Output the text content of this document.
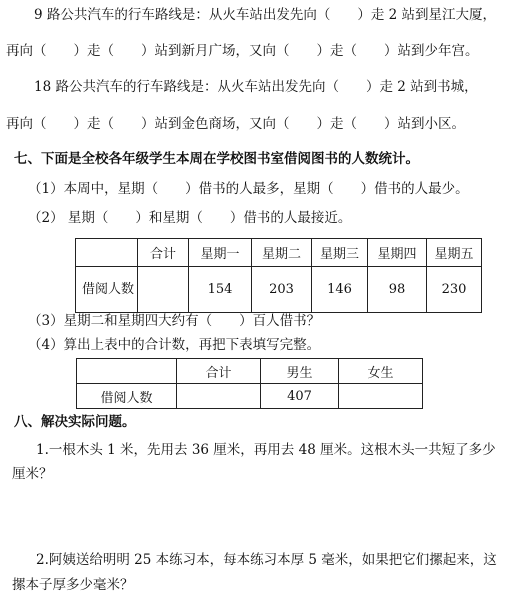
9 路公共汽车的行车路线是：从火车站出发先向（　　）走 2 站到星江大厦，
再向（　　）走（　　）站到新月广场，又向（　　）走（　　）站到少年宫。
18 路公共汽车的行车路线是：从火车站出发先向（　　）走 2 站到书城，
再向（　　）走（　　）站到金色商场，又向（　　）走（　　）站到小区。
七、下面是全校各年级学生本周在学校图书室借阅图书的人数统计。
（1）本周中，星期（　　）借书的人最多，星期（　　）借书的人最少。
（2） 星期（　　）和星期（　　）借书的人最接近。
	合计	星期一	星期二	星期三	星期四	星期五
借阅人数		154	203	146	98	230
（3）星期二和星期四大约有（　　）百人借书？
（4）算出上表中的合计数，再把下表填写完整。
	合计	男生	女生
借阅人数		407	
八、解决实际问题。
1.一根木头 1 米，先用去 36 厘米，再用去 48 厘米。这根木头一共短了多少
厘米？
2.阿姨送给明明 25 本练习本，每本练习本厚 5 毫米，如果把它们摞起来，这
摞本子厚多少毫米？
